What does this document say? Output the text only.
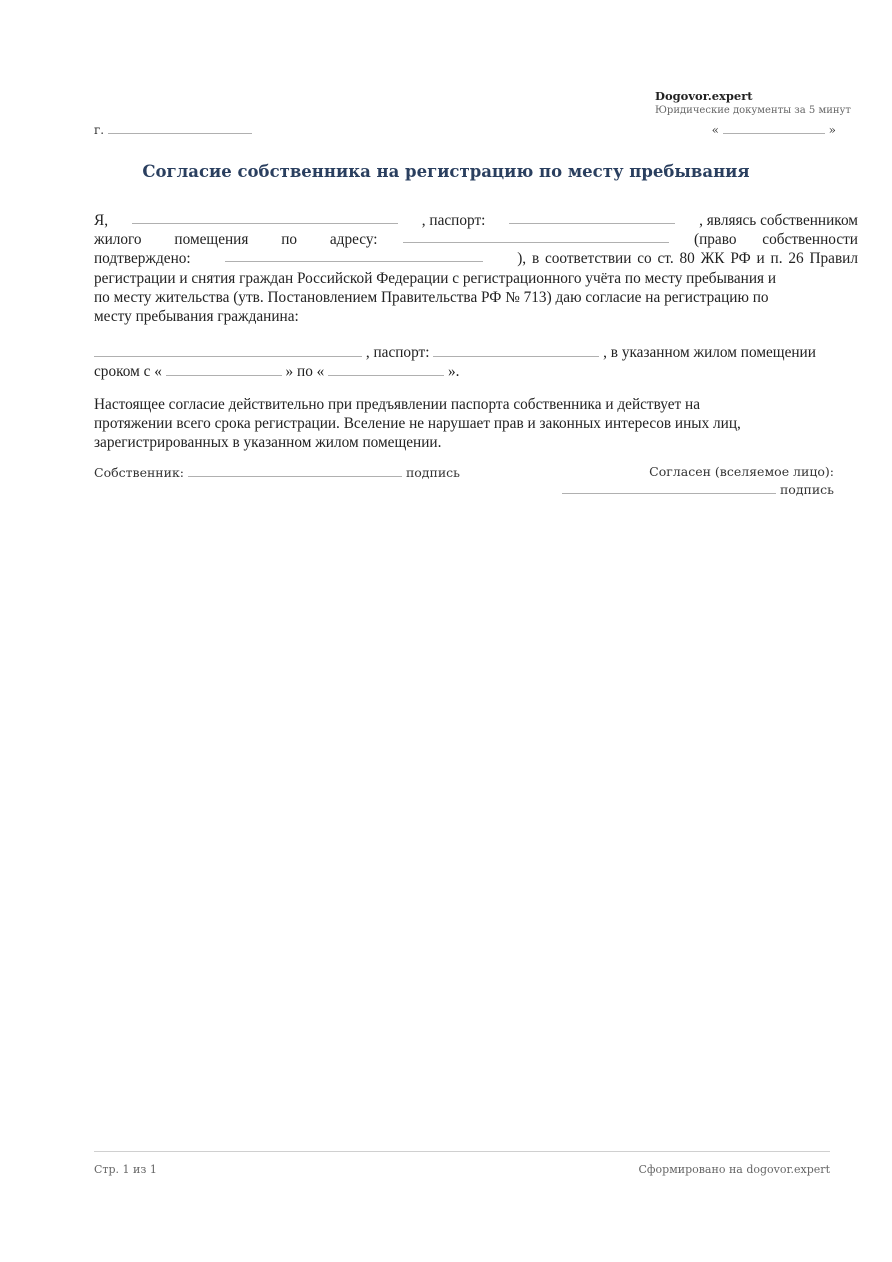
Dogovor.expert
Юридические документы за 5 минут
г.	«	»
Согласие собственника на регистрацию по месту пребывания
Я,	, паспорт:	, являясь собственником
жилого помещения по адресу:	(право собственности
подтверждено:	), в соответствии со ст. 80 ЖК РФ и п. 26 Правил
регистрации и снятия граждан Российской Федерации с регистрационного учёта по месту пребывания и
по месту жительства (утв. Постановлением Правительства РФ № 713) даю согласие на регистрацию по
месту пребывания гражданина:
, паспорт:	, в указанном жилом помещении
сроком с «	» по «	».
Настоящее согласие действительно при предъявлении паспорта собственника и действует на
протяжении всего срока регистрации. Вселение не нарушает прав и законных интересов иных лиц,
зарегистрированных в указанном жилом помещении.
Собственник:	подпись	Согласен (вселяемое лицо):
подпись
Стр. 1 из 1	Сформировано на dogovor.expert
